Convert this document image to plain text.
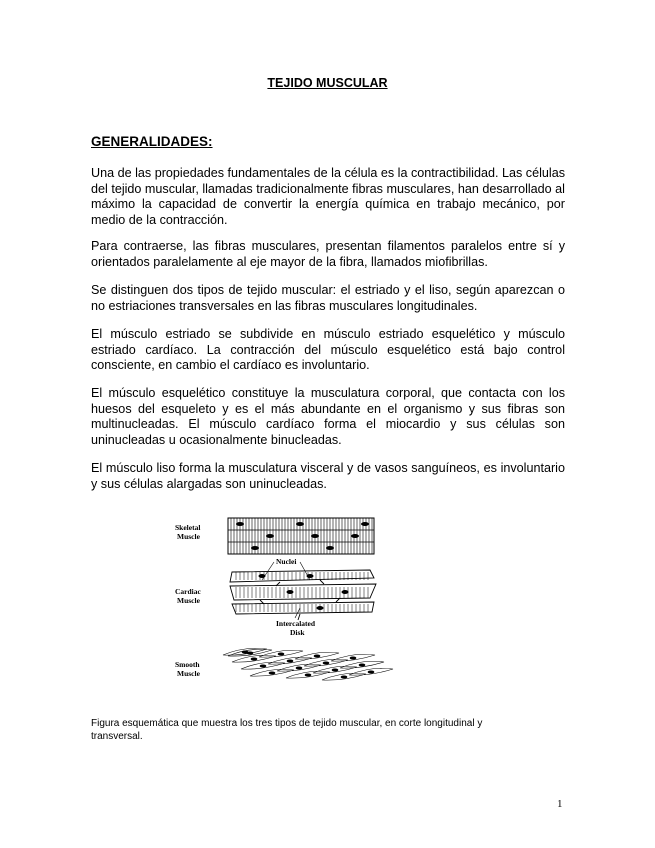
TEJIDO MUSCULAR
GENERALIDADES:

Una de las propiedades fundamentales de la célula es la contractibilidad. Las células del tejido muscular, llamadas tradicionalmente fibras musculares, han desarrollado al máximo la capacidad de convertir la energía química en trabajo mecánico, por medio de la contracción.

Para contraerse, las fibras musculares, presentan filamentos paralelos entre sí y orientados paralelamente al eje mayor de la fibra, llamados miofibrillas.

Se distinguen dos tipos de tejido muscular: el estriado y el liso, según aparezcan o no estriaciones transversales en las fibras musculares longitudinales.

El músculo estriado se subdivide en músculo estriado esquelético y músculo estriado cardíaco. La contracción del músculo esquelético está bajo control consciente, en cambio el cardíaco es involuntario.

El músculo esquelético constituye la musculatura corporal, que contacta con los huesos del esqueleto y es el más abundante en el organismo y sus fibras son multinucleadas. El músculo cardíaco forma el miocardio y sus células son uninucleadas u ocasionalmente binucleadas.

El músculo liso forma la musculatura visceral y de vasos sanguíneos, es involuntario y sus células alargadas son uninucleadas.

Skeletal
Muscle
Nuclei
Cardiac
Muscle
Intercalated
Disk
Smooth
Muscle

Figura esquemática que muestra los tres tipos de tejido muscular, en corte longitudinal y transversal.

1
